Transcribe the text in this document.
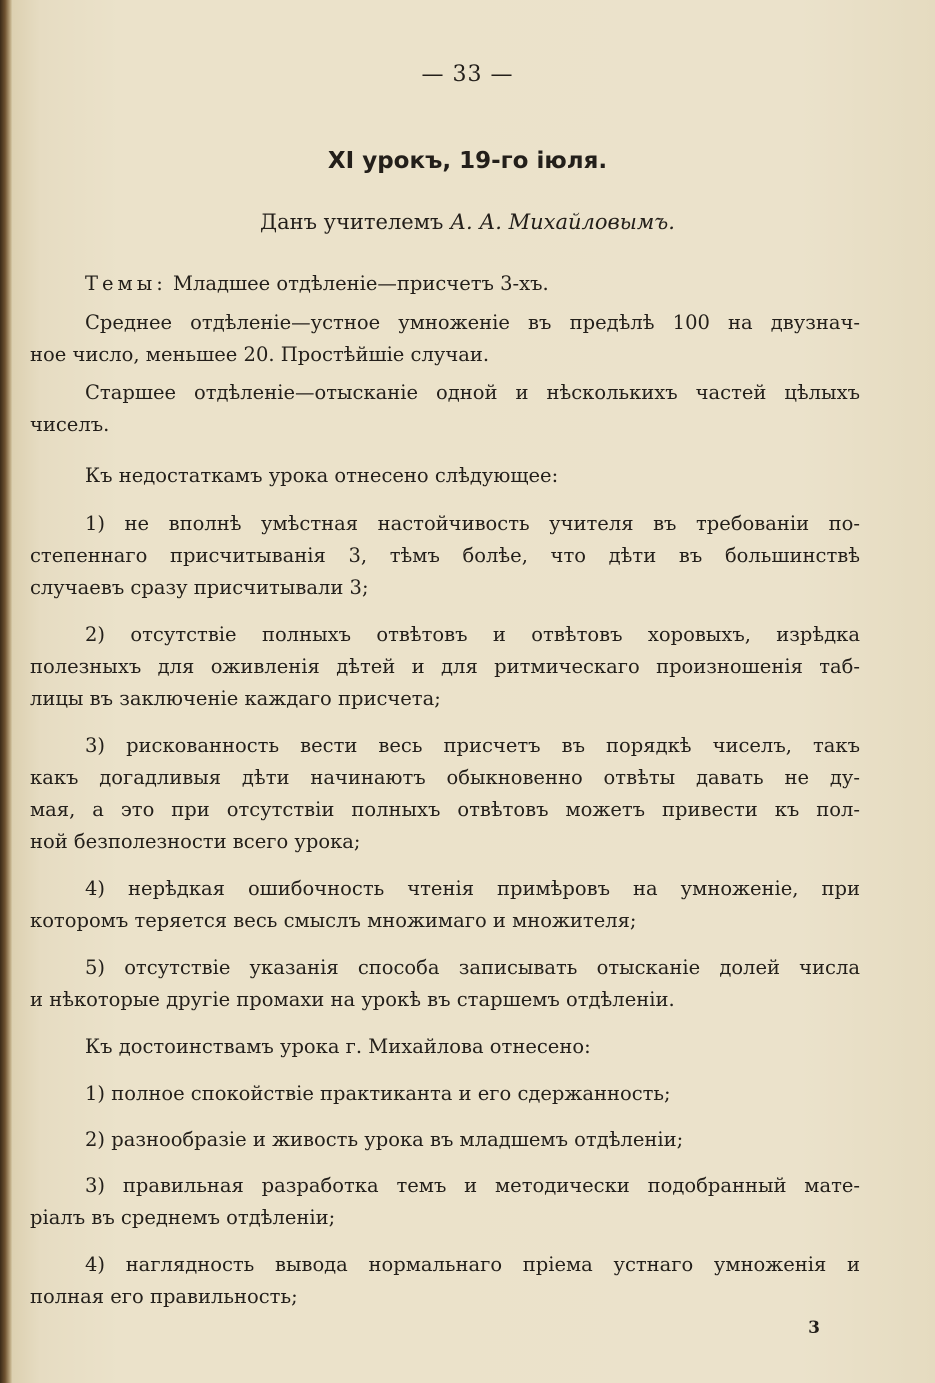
— 33 —

XI урокъ, 19-го іюля.

Данъ учителемъ А. А. Михайловымъ.

Темы: Младшее отдѣленіе—присчетъ 3-хъ.

Среднее отдѣленіе—устное умноженіе въ предѣлѣ 100 на двузнач-

ное число, меньшее 20. Простѣйшіе случаи.

Старшее отдѣленіе—отысканіе одной и нѣсколькихъ частей цѣлыхъ

чиселъ.

Къ недостаткамъ урока отнесено слѣдующее:

1) не вполнѣ умѣстная настойчивость учителя въ требованіи по-

степеннаго присчитыванія 3, тѣмъ болѣе, что дѣти въ большинствѣ

случаевъ сразу присчитывали 3;

2) отсутствіе полныхъ отвѣтовъ и отвѣтовъ хоровыхъ, изрѣдка

полезныхъ для оживленія дѣтей и для ритмическаго произношенія таб-

лицы въ заключеніе каждаго присчета;

3) рискованность вести весь присчетъ въ порядкѣ чиселъ, такъ

какъ догадливыя дѣти начинаютъ обыкновенно отвѣты давать не ду-

мая, а это при отсутствіи полныхъ отвѣтовъ можетъ привести къ пол-

ной безполезности всего урока;

4) нерѣдкая ошибочность чтенія примѣровъ на умноженіе, при

которомъ теряется весь смыслъ множимаго и множителя;

5) отсутствіе указанія способа записывать отысканіе долей числа

и нѣкоторые другіе промахи на урокѣ въ старшемъ отдѣленіи.

Къ достоинствамъ урока г. Михайлова отнесено:

1) полное спокойствіе практиканта и его сдержанность;

2) разнообразіе и живость урока въ младшемъ отдѣленіи;

3) правильная разработка темъ и методически подобранный мате-

ріалъ въ среднемъ отдѣленіи;

4) наглядность вывода нормальнаго пріема устнаго умноженія и

полная его правильность;

3
